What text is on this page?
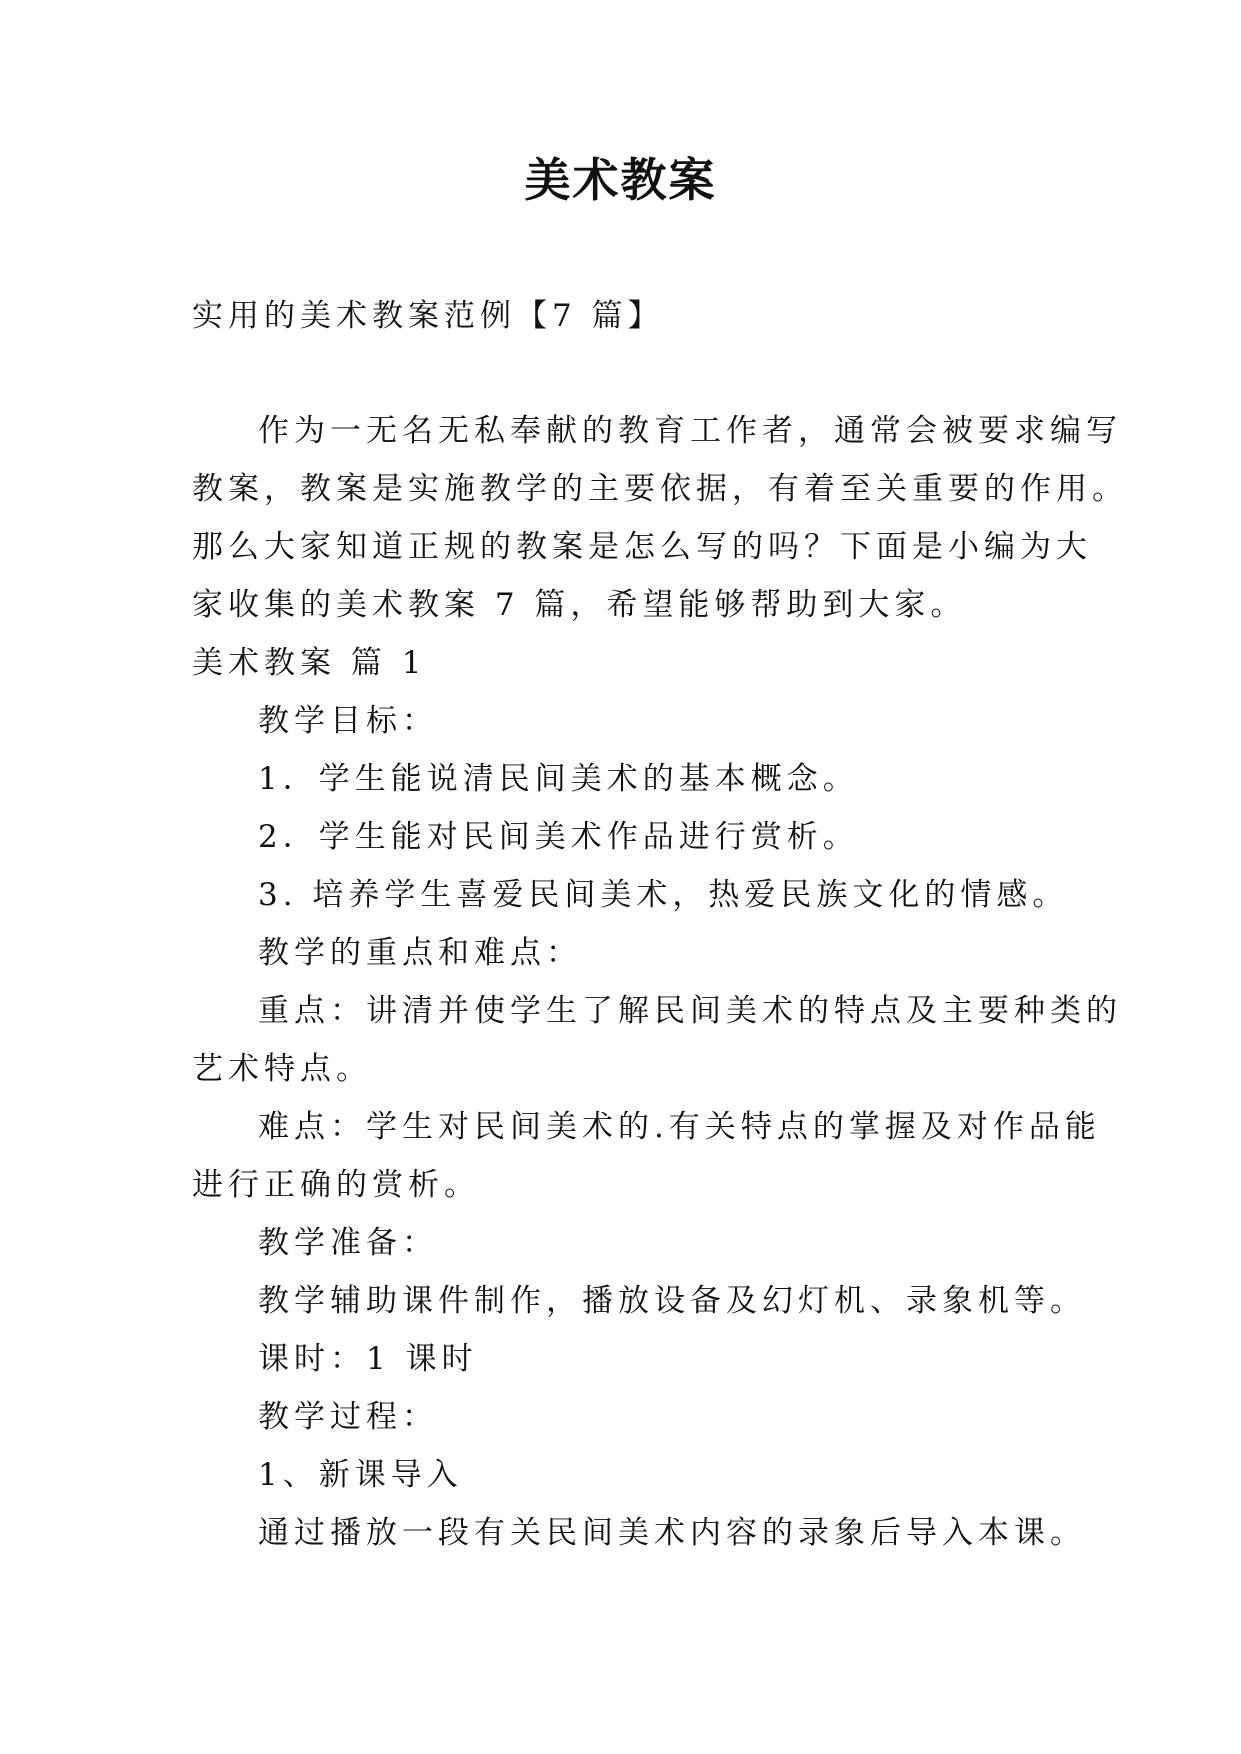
美术教案
实用的美术教案范例【7 篇】
作为一无名无私奉献的教育工作者，通常会被要求编写
教案，教案是实施教学的主要依据，有着至关重要的作用。
那么大家知道正规的教案是怎么写的吗？下面是小编为大
家收集的美术教案 7 篇，希望能够帮助到大家。
美术教案 篇 1
教学目标：
1．学生能说清民间美术的基本概念。
2．学生能对民间美术作品进行赏析。
3. 培养学生喜爱民间美术，热爱民族文化的情感。
教学的重点和难点：
重点：讲清并使学生了解民间美术的特点及主要种类的
艺术特点。
难点：学生对民间美术的.有关特点的掌握及对作品能
进行正确的赏析。
教学准备：
教学辅助课件制作，播放设备及幻灯机、录象机等。
课时：1 课时
教学过程：
1、新课导入
通过播放一段有关民间美术内容的录象后导入本课。
